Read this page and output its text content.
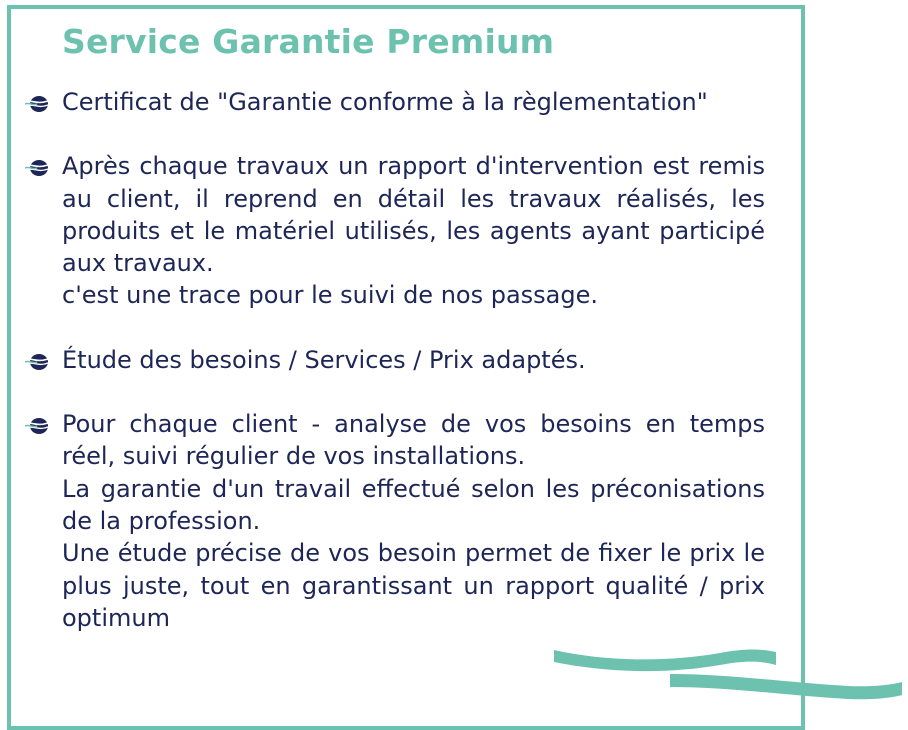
Service Garantie Premium

Certificat de "Garantie conforme à la règlementation"

Après chaque travaux un rapport d'intervention est remis au client, il reprend en détail les travaux réalisés, les produits et le matériel utilisés, les agents ayant participé aux travaux.

c'est une trace pour le suivi de nos passage.

Étude des besoins / Services / Prix adaptés.

Pour chaque client - analyse de vos besoins en temps réel, suivi régulier de vos installations.

La garantie d'un travail effectué selon les préconisations de la profession.

Une étude précise de vos besoin permet de fixer le prix le plus juste, tout en garantissant un rapport qualité / prix optimum
